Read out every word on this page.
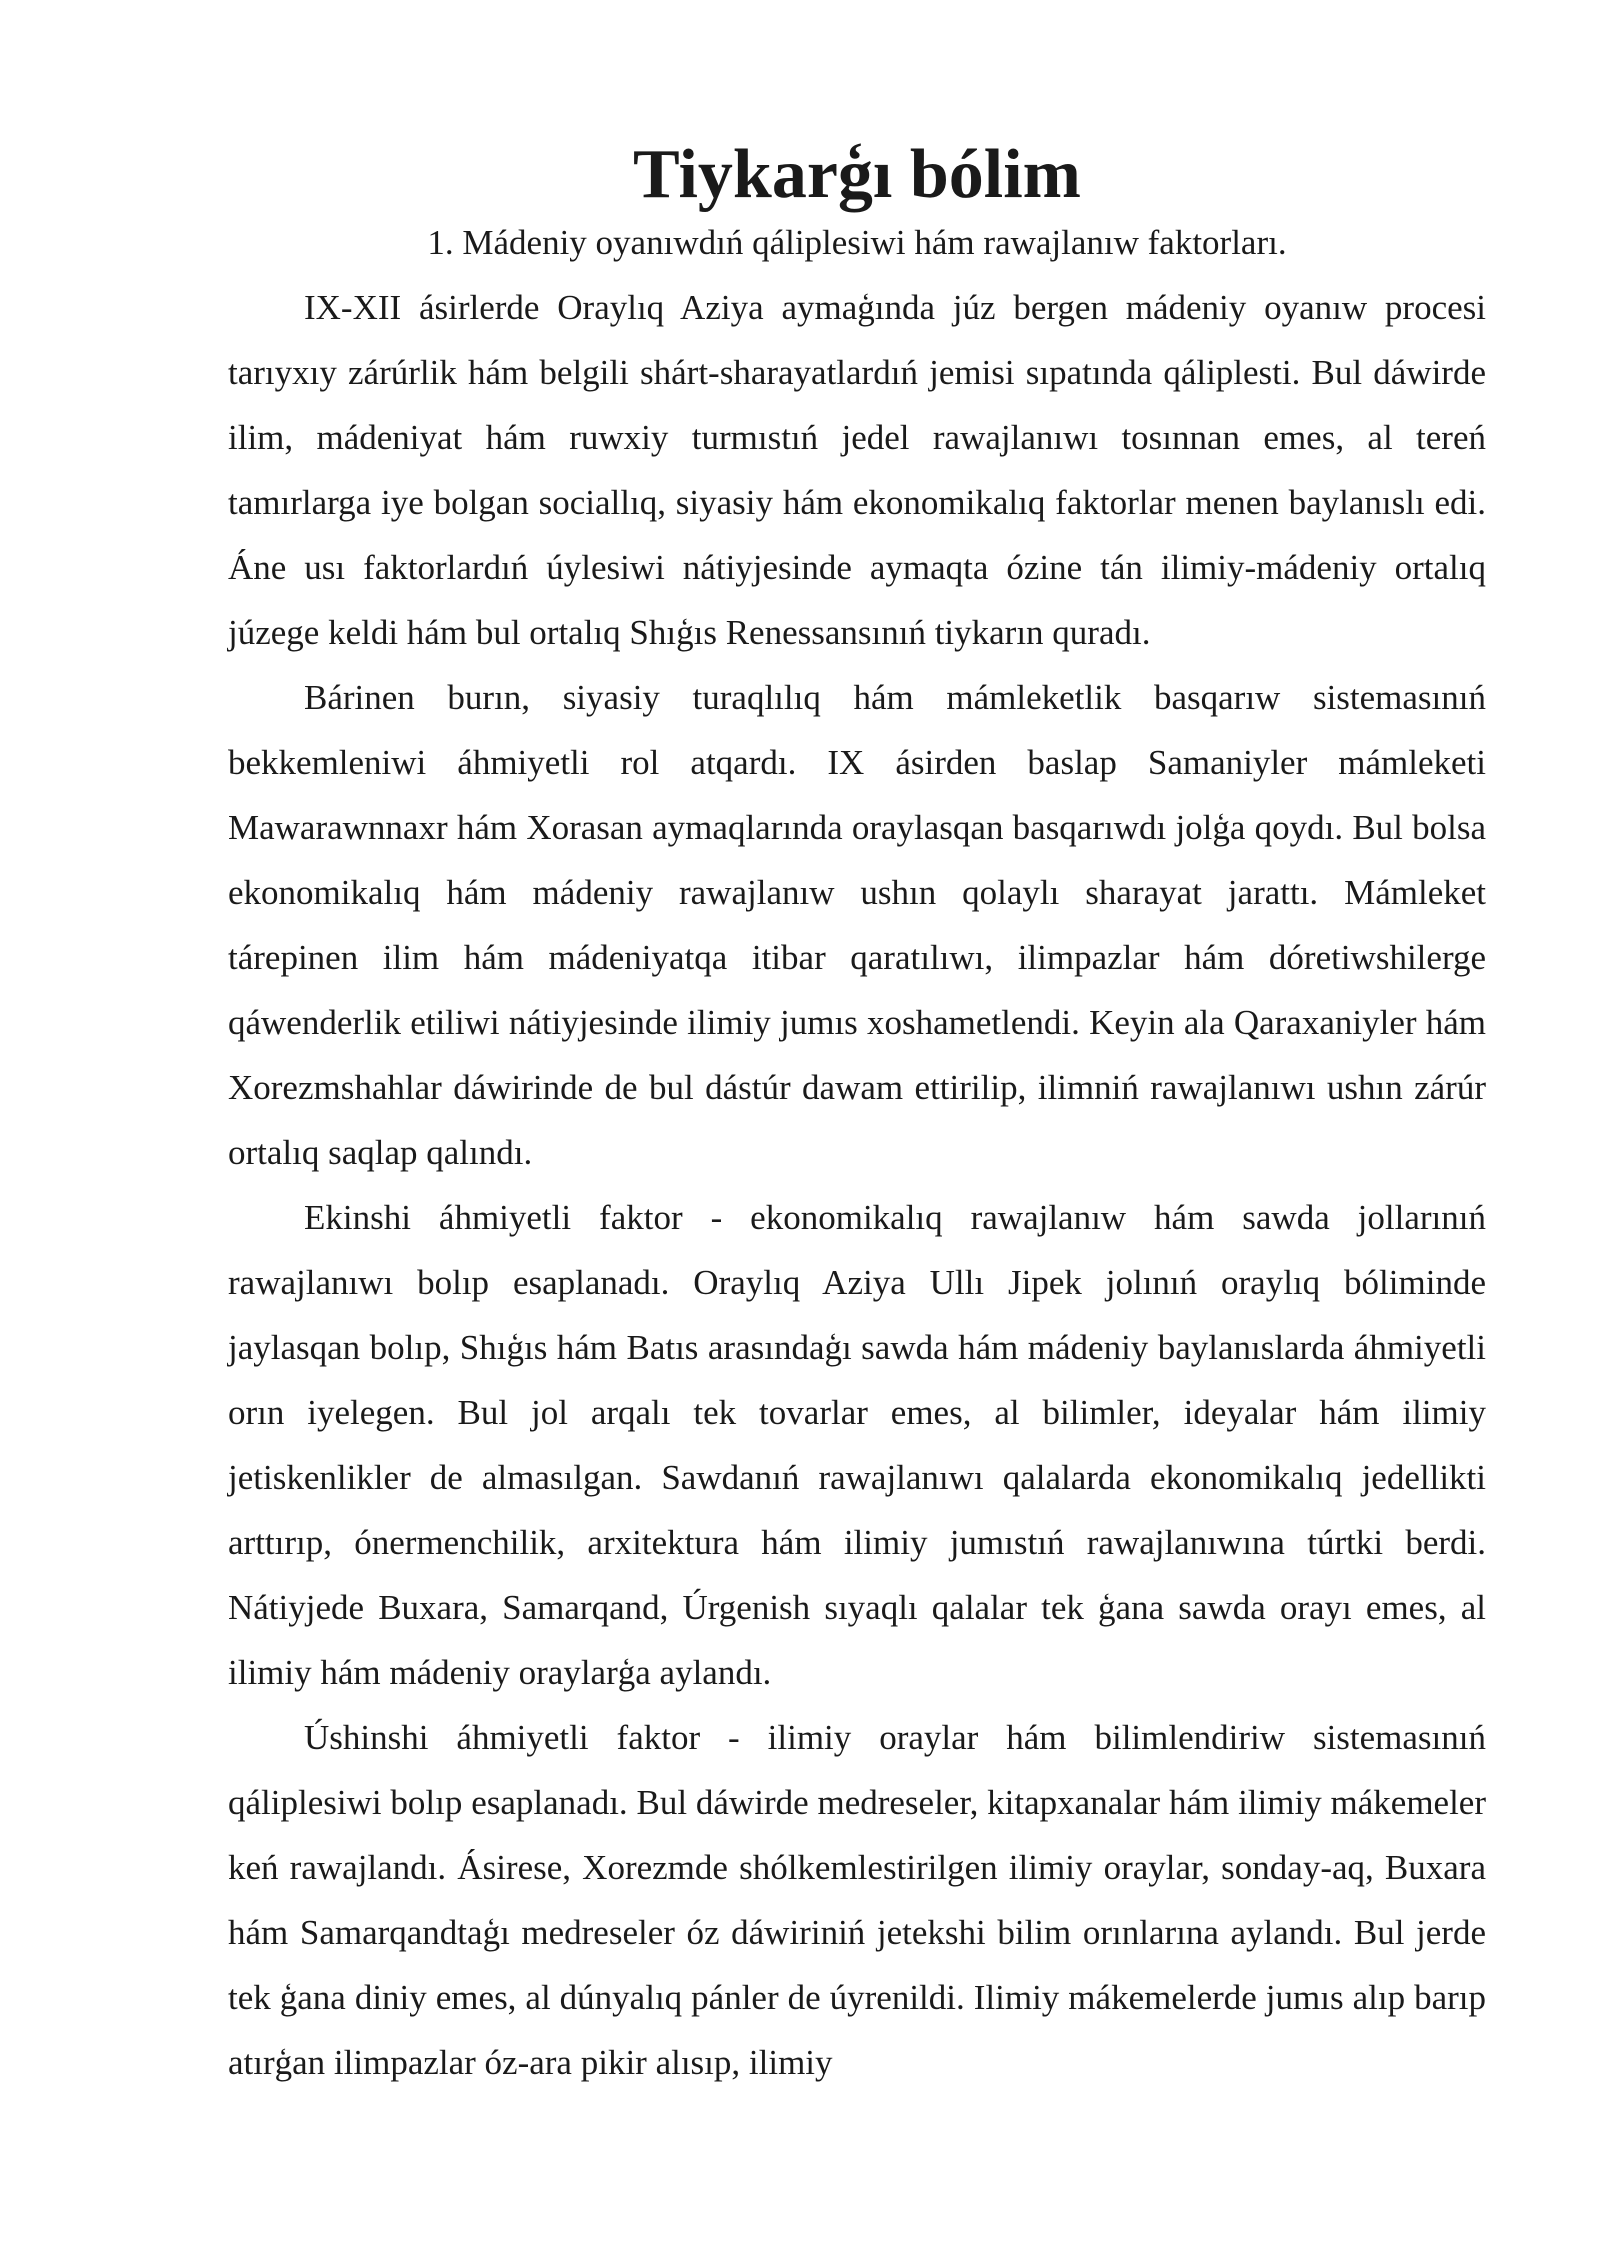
Tiykarģı bólim

1. Mádeniy oyanıwdıń qáliplesiwi hám rawajlanıw faktorları.

IX-XII ásirlerde Oraylıq Aziya aymaģında júz bergen mádeniy oyanıw procesi tarıyxıy zárúrlik hám belgili shárt-sharayatlardıń jemisi sıpatında qáliplesti. Bul dáwirde ilim, mádeniyat hám ruwxiy turmıstıń jedel rawajlanıwı tosınnan emes, al tereń tamırlarga iye bolgan sociallıq, siyasiy hám ekonomikalıq faktorlar menen baylanıslı edi. Áne usı faktorlardıń úylesiwi nátiyjesinde aymaqta ózine tán ilimiy-mádeniy ortalıq júzege keldi hám bul ortalıq Shıģıs Renessansınıń tiykarın quradı.

Bárinen burın, siyasiy turaqlılıq hám mámleketlik basqarıw sistemasınıń bekkemleniwi áhmiyetli rol atqardı. IX ásirden baslap Samaniyler mámleketi Mawarawnnaxr hám Xorasan aymaqlarında oraylasqan basqarıwdı jolģa qoydı. Bul bolsa ekonomikalıq hám mádeniy rawajlanıw ushın qolaylı sharayat jarattı. Mámleket tárepinen ilim hám mádeniyatqa itibar qaratılıwı, ilimpazlar hám dóretiwshilerge qáwenderlik etiliwi nátiyjesinde ilimiy jumıs xoshametlendi. Keyin ala Qaraxaniyler hám Xorezmshahlar dáwirinde de bul dástúr dawam ettirilip, ilimniń rawajlanıwı ushın zárúr ortalıq saqlap qalındı.

Ekinshi áhmiyetli faktor - ekonomikalıq rawajlanıw hám sawda jollarınıń rawajlanıwı bolıp esaplanadı. Oraylıq Aziya Ullı Jipek jolınıń oraylıq bóliminde jaylasqan bolıp, Shıģıs hám Batıs arasındaģı sawda hám mádeniy baylanıslarda áhmiyetli orın iyelegen. Bul jol arqalı tek tovarlar emes, al bilimler, ideyalar hám ilimiy jetiskenlikler de almasılgan. Sawdanıń rawajlanıwı qalalarda ekonomikalıq jedellikti arttırıp, ónermenchilik, arxitektura hám ilimiy jumıstıń rawajlanıwına túrtki berdi. Nátiyjede Buxara, Samarqand, Úrgenish sıyaqlı qalalar tek ģana sawda orayı emes, al ilimiy hám mádeniy oraylarģa aylandı.

Úshinshi áhmiyetli faktor - ilimiy oraylar hám bilimlendiriw sistemasınıń qáliplesiwi bolıp esaplanadı. Bul dáwirde medreseler, kitapxanalar hám ilimiy mákemeler keń rawajlandı. Ásirese, Xorezmde shólkemlestirilgen ilimiy oraylar, sonday-aq, Buxara hám Samarqandtaģı medreseler óz dáwiriniń jetekshi bilim orınlarına aylandı. Bul jerde tek ģana diniy emes, al dúnyalıq pánler de úyrenildi. Ilimiy mákemelerde jumıs alıp barıp atırģan ilimpazlar óz-ara pikir alısıp, ilimiy
